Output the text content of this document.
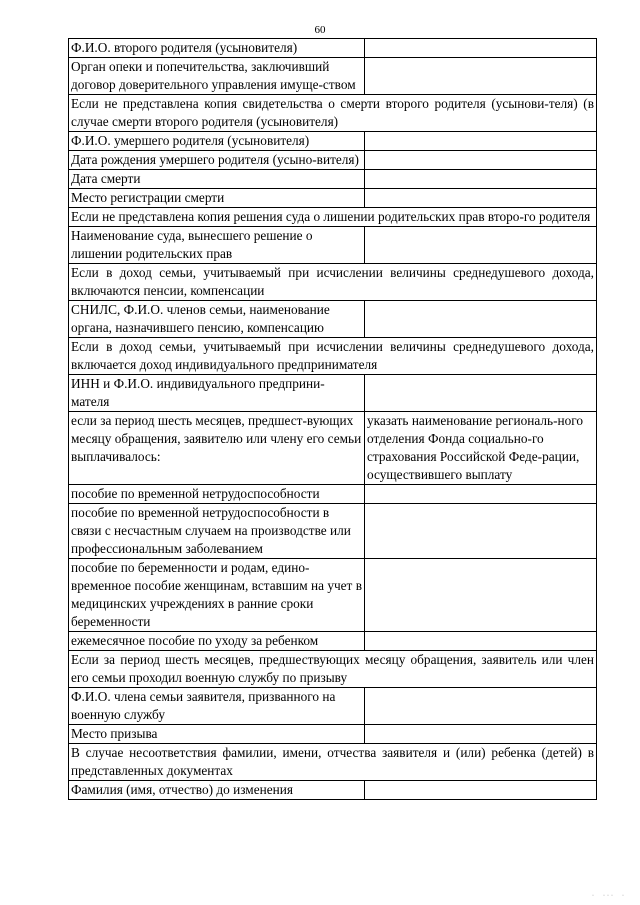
60
Ф.И.О. второго родителя (усыновителя)	
Орган опеки и попечительства, заключивший договор доверительного управления имуще-ством	
Если не представлена копия свидетельства о смерти второго родителя (усынови-теля) (в случае смерти второго родителя (усыновителя)	
Ф.И.О. умершего родителя (усыновителя)	
Дата рождения умершего родителя (усыно-вителя)	
Дата смерти	
Место регистрации смерти	
Если не представлена копия решения суда о лишении родительских прав второ-го родителя	
Наименование суда, вынесшего решение о лишении родительских прав	
Если в доход семьи, учитываемый при исчислении величины среднедушевого дохода, включаются пенсии, компенсации	
СНИЛС, Ф.И.О. членов семьи, наименование органа, назначившего пенсию, компенсацию	
Если в доход семьи, учитываемый при исчислении величины среднедушевого дохода, включается доход индивидуального предпринимателя	
ИНН и Ф.И.О. индивидуального предприни-мателя	
если за период шесть месяцев, предшест-вующих месяцу обращения, заявителю или члену его семьи выплачивалось:	указать наименование региональ-ного отделения Фонда социально-го страхования Российской Феде-рации, осуществившего выплату
пособие по временной нетрудоспособности	
пособие по временной нетрудоспособности в связи с несчастным случаем на производстве или профессиональным заболеванием	
пособие по беременности и родам, едино-временное пособие женщинам, вставшим на учет в медицинских учреждениях в ранние сроки беременности	
ежемесячное пособие по уходу за ребенком	
Если за период шесть месяцев, предшествующих месяцу обращения, заявитель или член его семьи проходил военную службу по призыву	
Ф.И.О. члена семьи заявителя, призванного на военную службу	
Место призыва	
В случае несоответствия фамилии, имени, отчества заявителя и (или) ребенка (детей) в представленных документах	
Фамилия (имя, отчество) до изменения	
·  ···  ·
